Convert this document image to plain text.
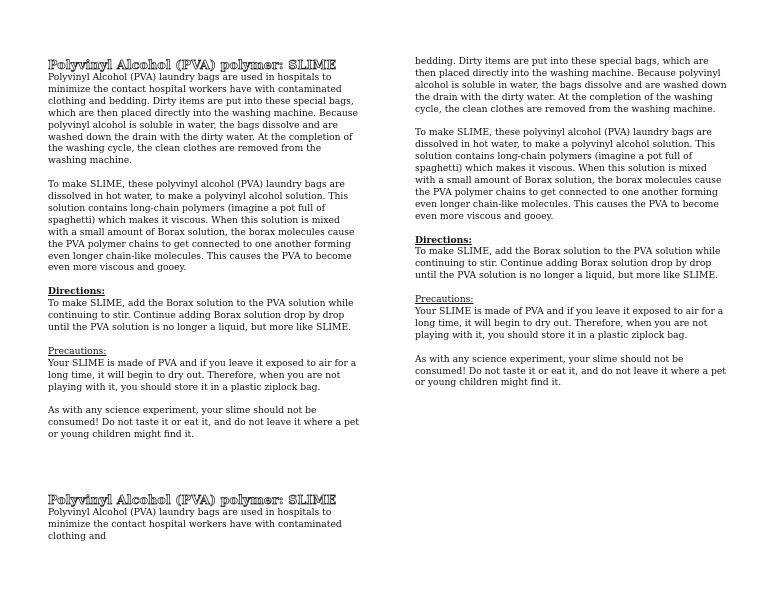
Polyvinyl Alcohol (PVA) polymer: SLIME

Polyvinyl Alcohol (PVA) laundry bags are used in hospitals to minimize the contact hospital workers have with contaminated clothing and bedding. Dirty items are put into these special bags, which are then placed directly into the washing machine. Because polyvinyl alcohol is soluble in water, the bags dissolve and are washed down the drain with the dirty water. At the completion of the washing cycle, the clean clothes are removed from the washing machine.

To make SLIME, these polyvinyl alcohol (PVA) laundry bags are dissolved in hot water, to make a polyvinyl alcohol solution. This solution contains long-chain polymers (imagine a pot full of spaghetti) which makes it viscous. When this solution is mixed with a small amount of Borax solution, the borax molecules cause the PVA polymer chains to get connected to one another forming even longer chain-like molecules. This causes the PVA to become even more viscous and gooey.

Directions:
To make SLIME, add the Borax solution to the PVA solution while continuing to stir. Continue adding Borax solution drop by drop until the PVA solution is no longer a liquid, but more like SLIME.
Precautions:
Your SLIME is made of PVA and if you leave it exposed to air for a long time, it will begin to dry out. Therefore, when you are not playing with it, you should store it in a plastic ziplock bag.

As with any science experiment, your slime should not be consumed! Do not taste it or eat it, and do not leave it where a pet or young children might find it.

bedding. Dirty items are put into these special bags, which are then placed directly into the washing machine. Because polyvinyl alcohol is soluble in water, the bags dissolve and are washed down the drain with the dirty water. At the completion of the washing cycle, the clean clothes are removed from the washing machine.

To make SLIME, these polyvinyl alcohol (PVA) laundry bags are dissolved in hot water, to make a polyvinyl alcohol solution. This solution contains long-chain polymers (imagine a pot full of spaghetti) which makes it viscous. When this solution is mixed with a small amount of Borax solution, the borax molecules cause the PVA polymer chains to get connected to one another forming even longer chain-like molecules. This causes the PVA to become even more viscous and gooey.

Directions:
To make SLIME, add the Borax solution to the PVA solution while continuing to stir. Continue adding Borax solution drop by drop until the PVA solution is no longer a liquid, but more like SLIME.
Precautions:
Your SLIME is made of PVA and if you leave it exposed to air for a long time, it will begin to dry out. Therefore, when you are not playing with it, you should store it in a plastic ziplock bag.

As with any science experiment, your slime should not be consumed! Do not taste it or eat it, and do not leave it where a pet or young children might find it.

Polyvinyl Alcohol (PVA) polymer: SLIME

Polyvinyl Alcohol (PVA) laundry bags are used in hospitals to minimize the contact hospital workers have with contaminated clothing and
